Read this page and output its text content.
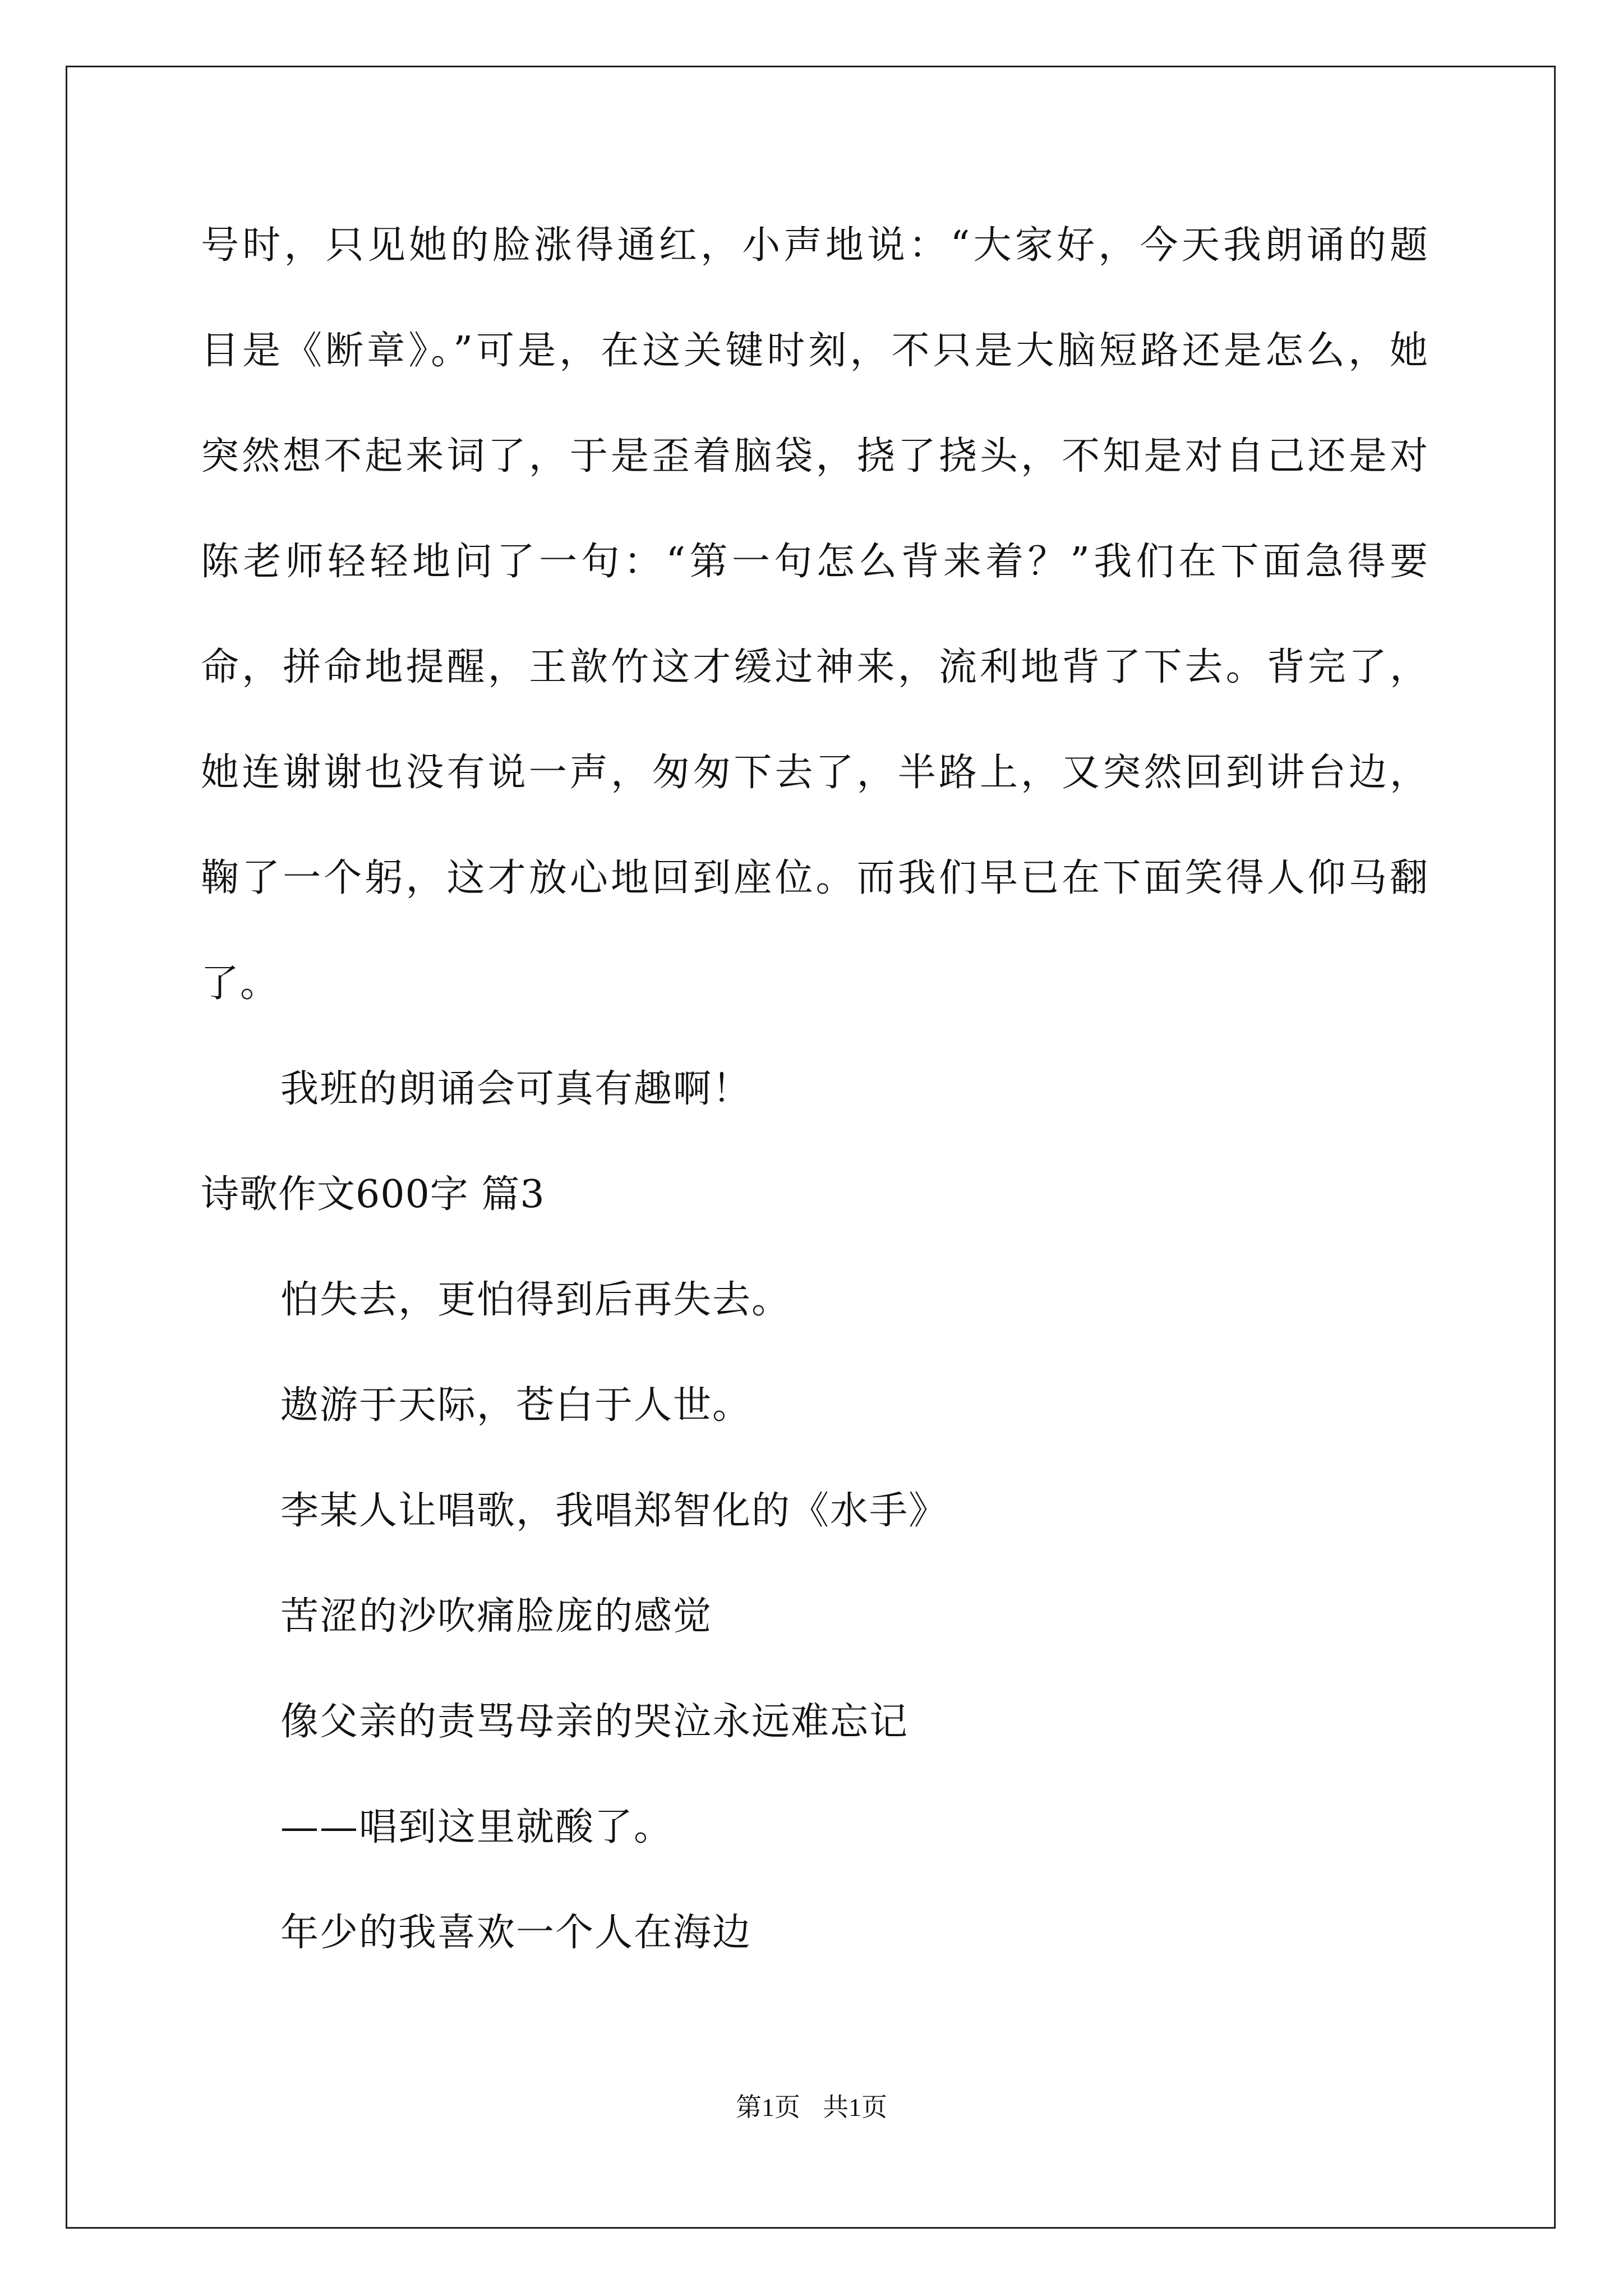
号时，只见她的脸涨得通红，小声地说：“大家好，今天我朗诵的题
目是《断章》。”可是，在这关键时刻，不只是大脑短路还是怎么，她
突然想不起来词了，于是歪着脑袋，挠了挠头，不知是对自己还是对
陈老师轻轻地问了一句：“第一句怎么背来着？”我们在下面急得要
命，拼命地提醒，王歆竹这才缓过神来，流利地背了下去。背完了，
她连谢谢也没有说一声，匆匆下去了，半路上，又突然回到讲台边，
鞠了一个躬，这才放心地回到座位。而我们早已在下面笑得人仰马翻
了。
我班的朗诵会可真有趣啊！
诗歌作文600字 篇3
怕失去，更怕得到后再失去。
遨游于天际，苍白于人世。
李某人让唱歌，我唱郑智化的《水手》
苦涩的沙吹痛脸庞的感觉
像父亲的责骂母亲的哭泣永远难忘记
——唱到这里就酸了。
年少的我喜欢一个人在海边
第1页 共1页
